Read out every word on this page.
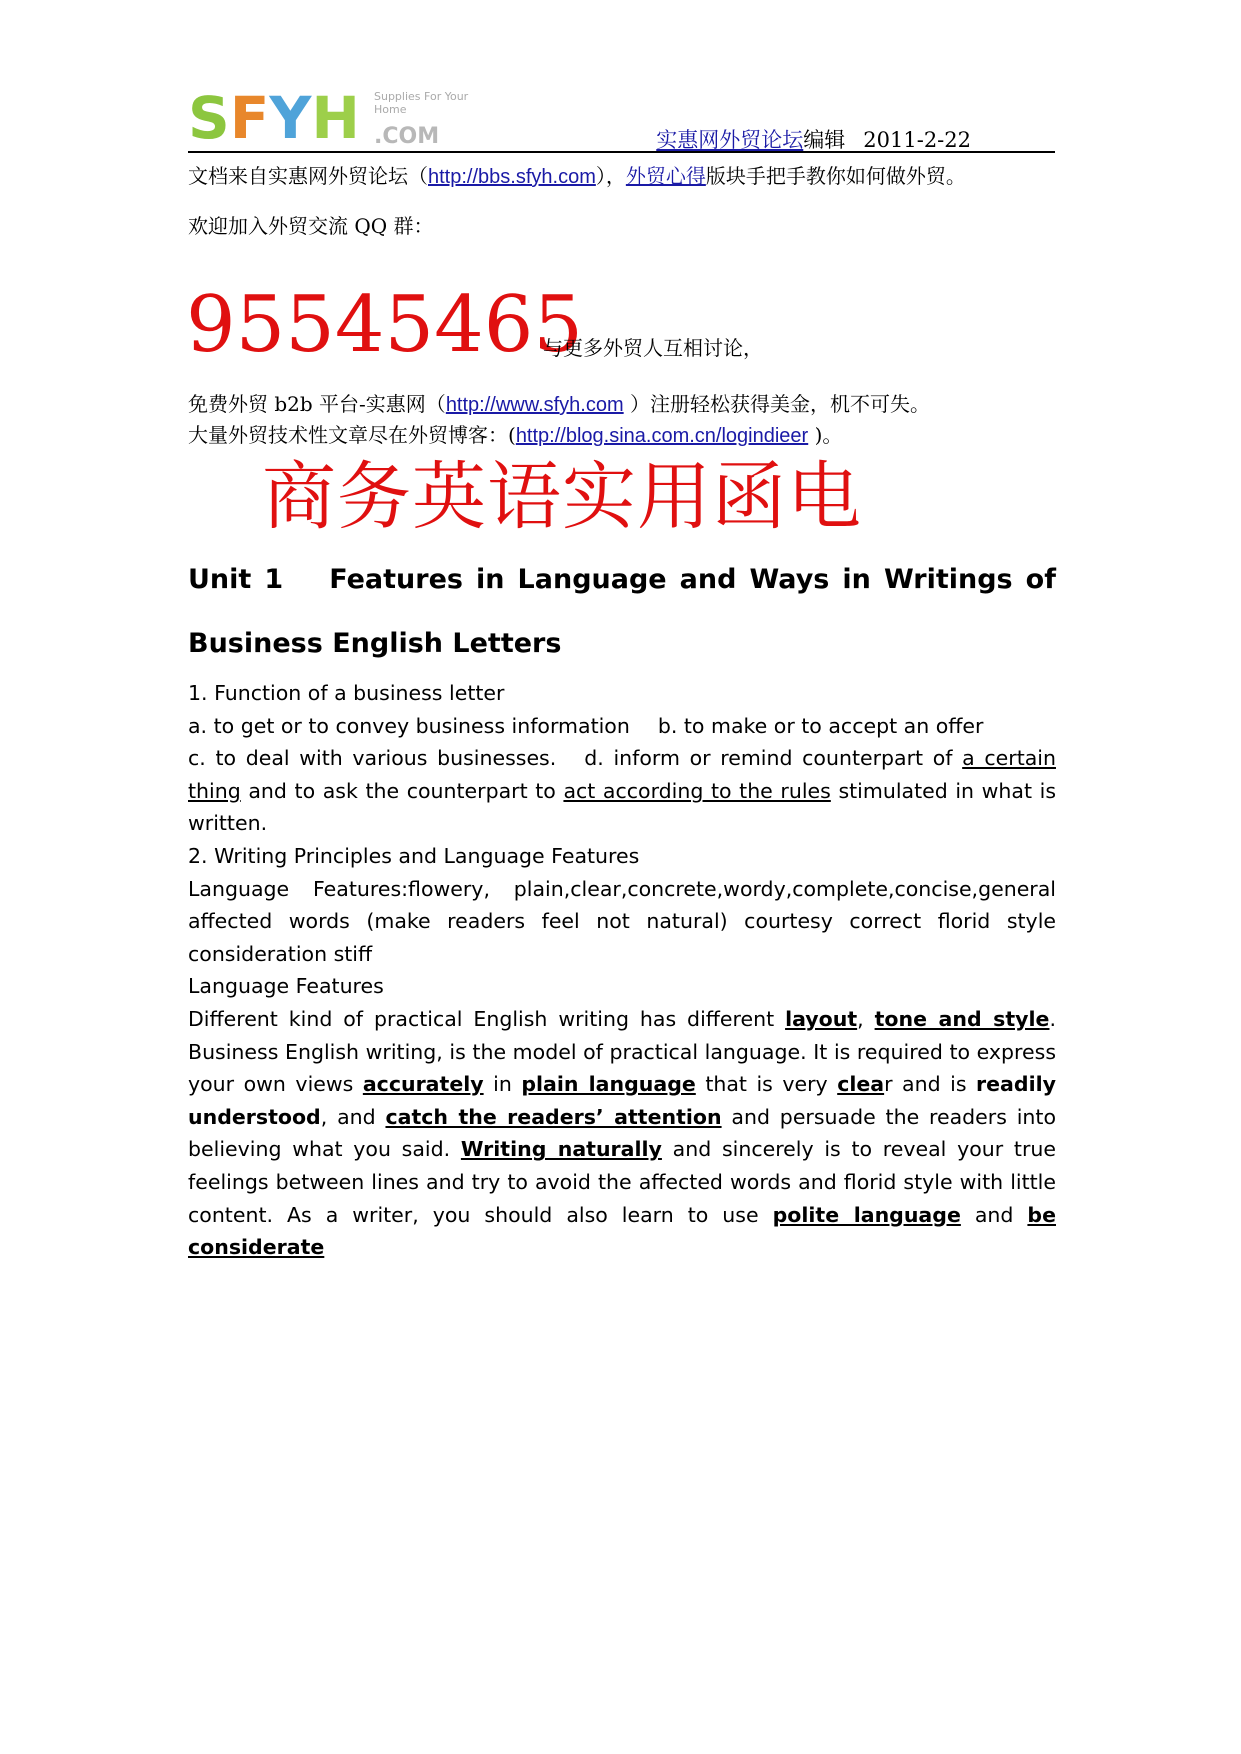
SFYH .COM
Supplies For Your
Home
实惠网外贸论坛编辑 2011-2-22
文档来自实惠网外贸论坛（http://bbs.sfyh.com），外贸心得版块手把手教你如何做外贸。
欢迎加入外贸交流 QQ 群：
95545465
与更多外贸人互相讨论，
免费外贸 b2b 平台-实惠网（http://www.sfyh.com ）注册轻松获得美金，机不可失。
大量外贸技术性文章尽在外贸博客：(http://blog.sina.com.cn/logindieer )。
商务英语实用函电
Unit 1 Features in Language and Ways in Writings of
Business English Letters

1. Function of a business letter

a. to get or to convey business information b. to make or to accept an offer

c. to deal with various businesses. d. inform or remind counterpart of a certain thing and to ask the counterpart to act according to the rules stimulated in what is written.

2. Writing Principles and Language Features

Language Features:flowery, plain,clear,concrete,wordy,complete,concise,general affected words (make readers feel not natural) courtesy correct florid style consideration stiff

Language Features

Different kind of practical English writing has different layout, tone and style. Business English writing, is the model of practical language. It is required to express your own views accurately in plain language that is very clear and is readily understood, and catch the readers’ attention and persuade the readers into believing what you said. Writing naturally and sincerely is to reveal your true feelings between lines and try to avoid the affected words and florid style with little content. As a writer, you should also learn to use polite language and be considerate
